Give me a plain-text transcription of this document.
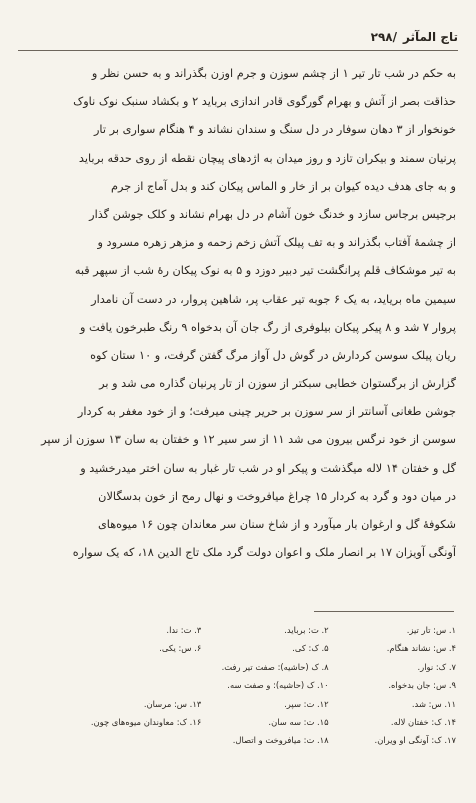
تاج المآثر
/۲۹۸
به حکم در شب تار تیر ۱ از چشم سوزن و جرم اوزن بگذراند و به حسن نظر و
حذاقت بصر از آتش و بهرام گورگوی قادر اندازی برباید ۲ و بکشاد سنبک نوک ناوک
خونخوار از ۳ دهان سوفار در دل سنگ و سندان نشاند و ۴ هنگام سواری بر تار
پرنیان سمند و بیکران تازد و روز میدان به اژدهای پیچان نقطه از روی حدقه برباید
و به جای هدف دیده کیوان بر از خار و الماس پیکان کند و بدل آماج از جرم
برجیس برجاس سازد و خدنگ خون آشام در دل بهرام نشاند و کلک جوشن گذار
از چشمهٔ آفتاب بگذراند و به تف پیلک آتش زخم زحمه و مزهر زهره مسرود و
به تیر موشکاف قلم پرانگشت تیر دبیر دوزد و ۵ به نوک پیکان رهٔ شب از سپهر قبه
سیمین ماه بریاید، به یک ۶ جوبه تیر عقاب پر، شاهین پروار، در دست آن نامدار
پروار ۷ شد و ۸ پیکر پیکان بیلوفری از رگ جان آن بدخواه ۹ رنگ طبرخون یافت و
ریان پیلک سوسن کردارش در گوش دل آواز مرگ گفتن گرفت، و ۱۰ ستان کوه
گزارش از برگستوان خطابی سبکتر از سوزن از تار پرنیان گذاره می شد و بر
جوشن طغانی آسانتر از سر سوزن بر حریر چینی میرفت؛ و از خود مغفر به کردار
سوسن از خود نرگس بیرون می شد ۱۱ از سر سیر ۱۲ و خفتان به سان ۱۳ سوزن از سپر
گل و خفتان ۱۴ لاله میگذشت و پیکر او در شب تار غبار به سان اختر میدرخشید و
در میان دود و گرد به کردار ۱۵ چراغ میافروخت و نهال رمح از خون بدسگالان
شکوفهٔ گل و ارغوان بار میآورد و از شاخ سنان سر معاندان چون ۱۶ میوه‌های
آونگی آویزان ۱۷ بر انصار ملک و اعوان دولت گرد ملک تاج الدین ۱۸، که یک سواره
۱. س: تار تیز.
۲. ت: برباید.
۳. ت: ندا.
۴. س: نشاند هنگام.
۵. ک: کی.
۶. س: یکی.
۷. ک: نوار.
۸. ک (حاشیه): صفت تیر رفت.
۹. س: جان بدخواه.
۱۰. ک (حاشیه): و صفت سه.
۱۱. س: شد.
۱۲. ت: سپر.
۱۳. س: مرسان.
۱۴. ک: خفتان لاله.
۱۵. ت: سه سان.
۱۶. ک: معاوندان میوه‌های چون.
۱۷. ک: آونگی او ویران.
۱۸. ت: میافروخت و اتصال.
